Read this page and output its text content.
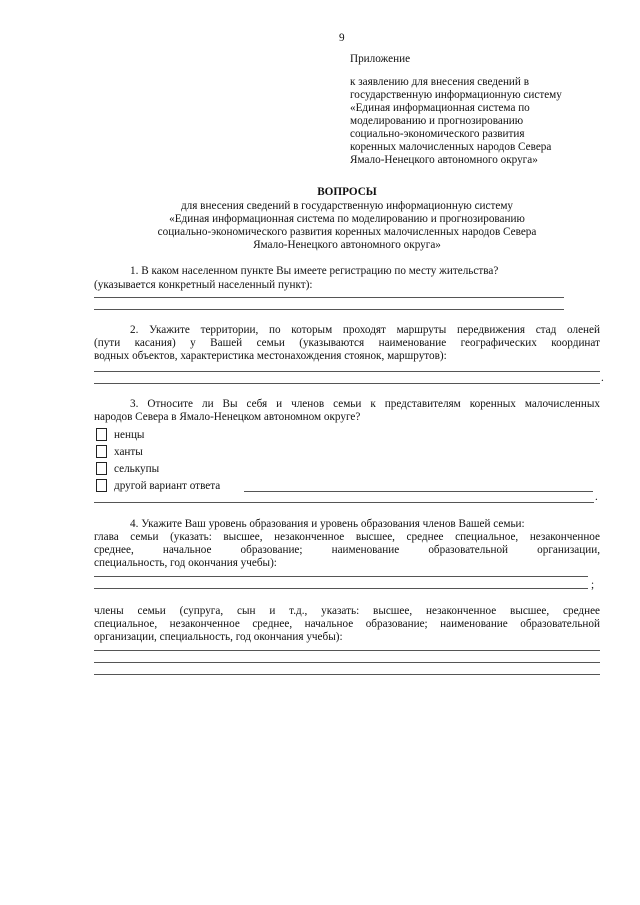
9
Приложение
к заявлению для внесения сведений в
государственную информационную систему
«Единая информационная система по
моделированию и прогнозированию
социально-экономического развития
коренных малочисленных народов Севера
Ямало-Ненецкого автономного округа»
ВОПРОСЫ
для внесения сведений в государственную информационную систему
«Единая информационная система по моделированию и прогнозированию
социально-экономического развития коренных малочисленных народов Севера
Ямало-Ненецкого автономного округа»
1. В каком населенном пункте Вы имеете регистрацию по месту жительства?
(указывается конкретный населенный пункт):
2. Укажите территории, по которым проходят маршруты передвижения стад оленей
(пути касания) у Вашей семьи (указываются наименование географических координат
водных объектов, характеристика местонахождения стоянок, маршрутов):
.
3. Относите ли Вы себя и членов семьи к представителям коренных малочисленных
народов Севера в Ямало-Ненецком автономном округе?
ненцы
ханты
селькупы
другой вариант ответа
.
4. Укажите Ваш уровень образования и уровень образования членов Вашей семьи:
глава семьи (указать: высшее, незаконченное высшее, среднее специальное, незаконченное
среднее, начальное образование; наименование образовательной организации,
специальность, год окончания учебы):
;
члены семьи (супруга, сын и т.д., указать: высшее, незаконченное высшее, среднее
специальное, незаконченное среднее, начальное образование; наименование образовательной
организации, специальность, год окончания учебы):
